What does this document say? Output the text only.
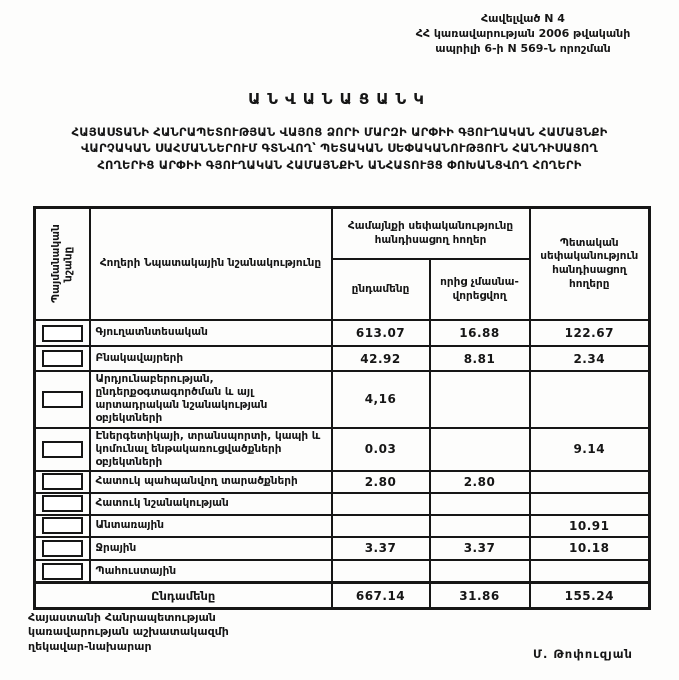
Հավելված N 4
ՀՀ կառավարության 2006 թվականի
ապրիլի 6-ի N 569-Ն որոշման
ԱՆՎԱՆԱՑԱՆԿ
ՀԱՅԱՍՏԱՆԻ ՀԱՆՐԱՊԵՏՈՒԹՅԱՆ ՎԱՅՈՑ ՁՈՐԻ ՄԱՐԶԻ ԱՐՓԻԻ ԳՅՈՒՂԱԿԱՆ ՀԱՄԱՅՆՔԻ
ՎԱՐՉԱԿԱՆ ՍԱՀՄԱՆՆԵՐՈՒՄ ԳՏՆՎՈՂ՝ ՊԵՏԱԿԱՆ ՍԵՓԱԿԱՆՈՒԹՅՈՒՆ ՀԱՆԴԻՍԱՑՈՂ
ՀՈՂԵՐԻՑ ԱՐՓԻԻ ԳՅՈՒՂԱԿԱՆ ՀԱՄԱՅՆՔԻՆ ԱՆՀԱՏՈՒՅՑ ՓՈԽԱՆՑՎՈՂ ՀՈՂԵՐԻ
Պայմանական նշանը	Հողերի Նպատակային նշանակությունը	Համայնքի սեփականությունը հանդիսացող հողեր		Պետական սեփականություն հանդիսացող հողերը
		ընդամենը	որից չմասնավորեցվող	
	Գյուղատնտեսական	613.07	16.88	122.67
	Բնակավայրերի	42.92	8.81	2.34
	Արդյունաբերության, ընդերքօգտագործման և այլ արտադրական նշանակության օբյեկտների	4,16		
	Էներգետիկայի, տրանսպորտի, կապի և կոմունալ ենթակառուցվածքների օբյեկտների	0.03		9.14
	Հատուկ պահպանվող տարածքների	2.80	2.80	
	Հատուկ նշանակության			
	Անտառային			10.91
	Ջրային	3.37	3.37	10.18
	Պահուստային			
Ընդամենը		667.14	31.86	155.24
Հայաստանի Հանրապետության
կառավարության աշխատակազմի
ղեկավար-նախարար
Մ. Թոփուզյան
